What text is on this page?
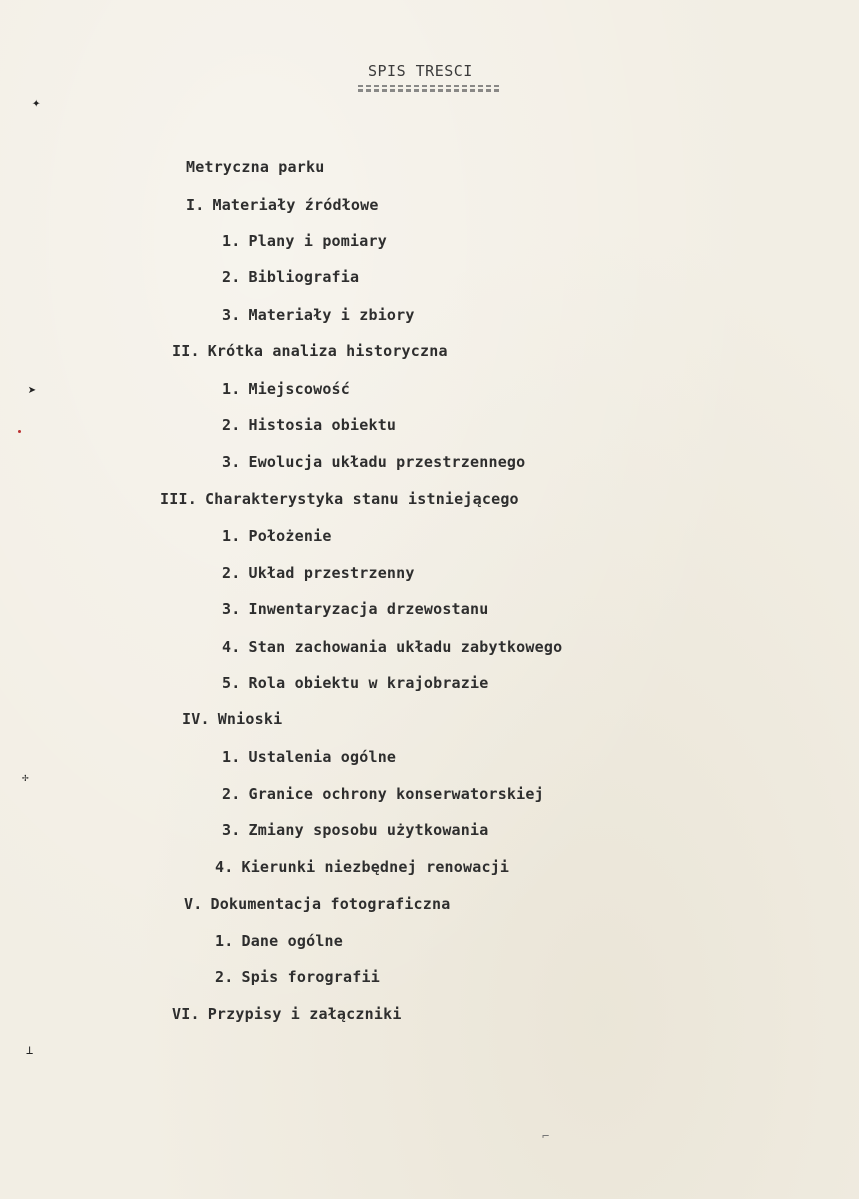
SPIS TRESCI
Metryczna parku
I. Materiały źródłowe
1. Plany i pomiary
2. Bibliografia
3. Materiały i zbiory
II. Krótka analiza historyczna
1. Miejscowość
2. Histosia obiektu
3. Ewolucja układu przestrzennego
III. Charakterystyka stanu istniejącego
1. Położenie
2. Układ przestrzenny
3. Inwentaryzacja drzewostanu
4. Stan zachowania układu zabytkowego
5. Rola obiektu w krajobrazie
IV. Wnioski
1. Ustalenia ogólne
2. Granice ochrony konserwatorskiej
3. Zmiany sposobu użytkowania
4. Kierunki niezbędnej renowacji
V. Dokumentacja fotograficzna
1. Dane ogólne
2. Spis forografii
VI. Przypisy i załączniki
✦
➤
✢
⊥
⌐
